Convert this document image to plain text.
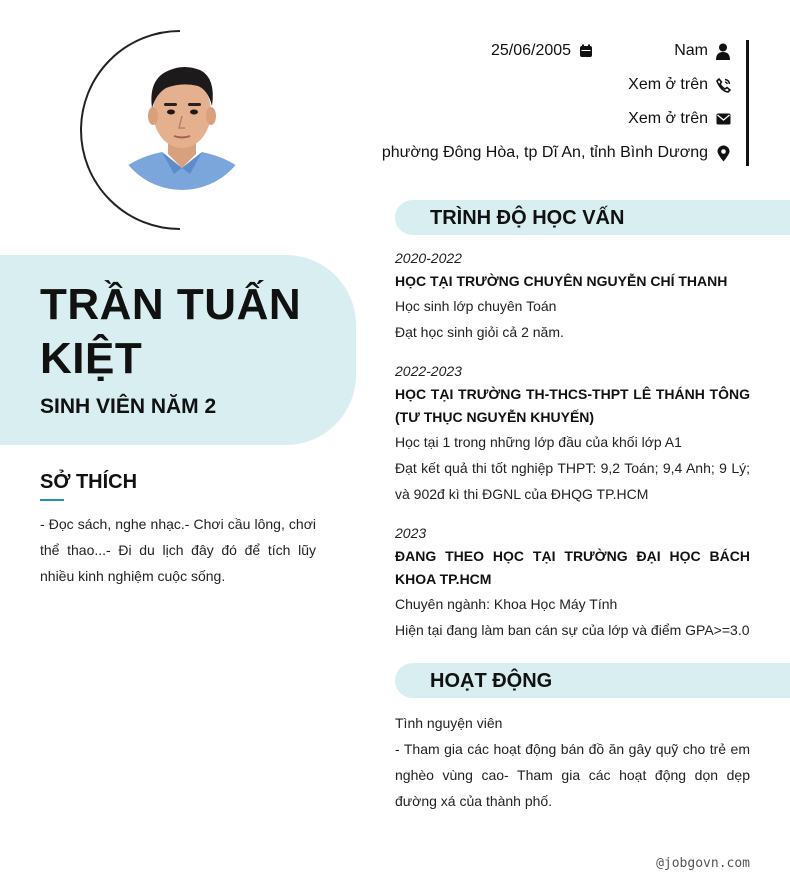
TRẦN TUẤN KIỆT
SINH VIÊN NĂM 2
SỞ THÍCH
- Đọc sách, nghe nhạc.- Chơi cầu lông, chơi thể thao...- Đi du lịch đây đó để tích lũy nhiều kinh nghiệm cuộc sống.
25/06/2005	Nam
Xem ở trên
Xem ở trên
phường Đông Hòa, tp Dĩ An, tỉnh Bình Dương
TRÌNH ĐỘ HỌC VẤN
2020-2022
HỌC TẠI TRƯỜNG CHUYÊN NGUYỄN CHÍ THANH
Học sinh lớp chuyên Toán
Đạt học sinh giỏi cả 2 năm.
2022-2023
HỌC TẠI TRƯỜNG TH-THCS-THPT LÊ THÁNH TÔNG (TƯ THỤC NGUYỄN KHUYẾN)
Học tại 1 trong những lớp đầu của khối lớp A1
Đạt kết quả thi tốt nghiệp THPT: 9,2 Toán; 9,4 Anh; 9 Lý; và 902đ kì thi ĐGNL của ĐHQG TP.HCM
2023
ĐANG THEO HỌC TẠI TRƯỜNG ĐẠI HỌC BÁCH KHOA TP.HCM
Chuyên ngành: Khoa Học Máy Tính
Hiện tại đang làm ban cán sự của lớp và điểm GPA>=3.0
HOẠT ĐỘNG
Tình nguyện viên
- Tham gia các hoạt động bán đồ ăn gây quỹ cho trẻ em nghèo vùng cao- Tham gia các hoạt động dọn dẹp đường xá của thành phố.
@jobgovn.com
